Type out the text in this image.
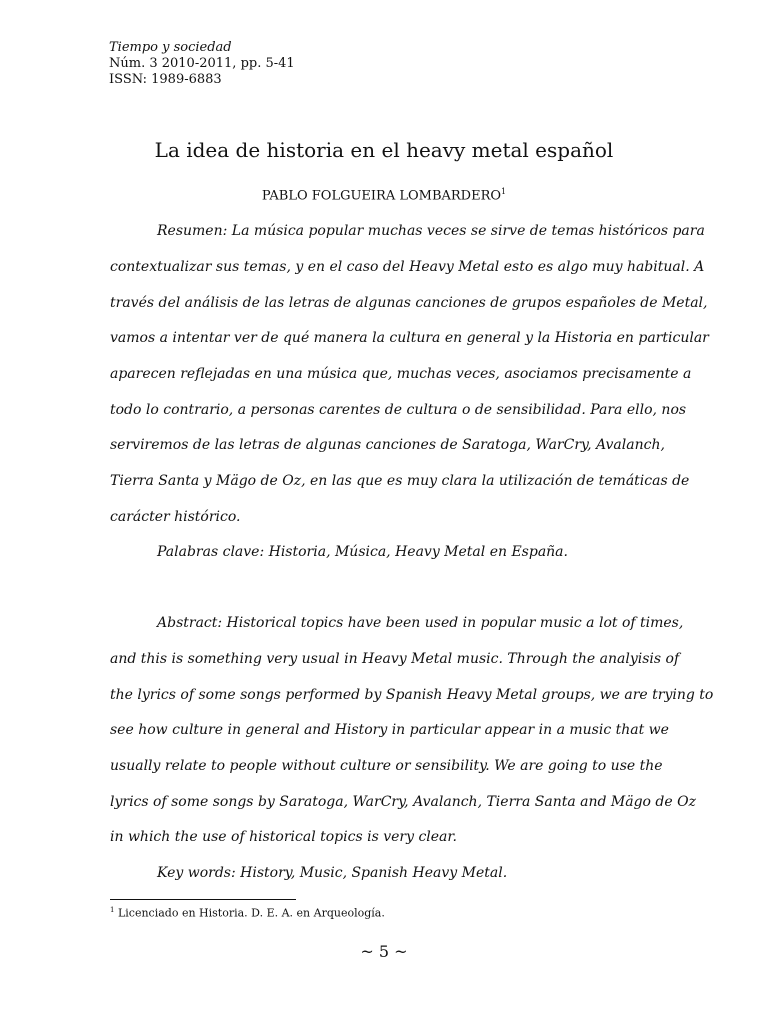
Tiempo y sociedad
Núm. 3 2010-2011, pp. 5-41
ISSN: 1989-6883
La idea de historia en el heavy metal español
PABLO FOLGUEIRA LOMBARDERO$^1$
Resumen: La música popular muchas veces se sirve de temas históricos para
contextualizar sus temas, y en el caso del Heavy Metal esto es algo muy habitual. A
través del análisis de las letras de algunas canciones de grupos españoles de Metal,
vamos a intentar ver de qué manera la cultura en general y la Historia en particular
aparecen reflejadas en una música que, muchas veces, asociamos precisamente a
todo lo contrario, a personas carentes de cultura o de sensibilidad. Para ello, nos
serviremos de las letras de algunas canciones de Saratoga, WarCry, Avalanch,
Tierra Santa y Mägo de Oz, en las que es muy clara la utilización de temáticas de
carácter histórico.
Palabras clave: Historia, Música, Heavy Metal en España.
Abstract: Historical topics have been used in popular music a lot of times,
and this is something very usual in Heavy Metal music. Through the analyisis of
the lyrics of some songs performed by Spanish Heavy Metal groups, we are trying to
see how culture in general and History in particular appear in a music that we
usually relate to people without culture or sensibility. We are going to use the
lyrics of some songs by Saratoga, WarCry, Avalanch, Tierra Santa and Mägo de Oz
in which the use of historical topics is very clear.
Key words: History, Music, Spanish Heavy Metal.
$^1$ Licenciado en Historia. D. E. A. en Arqueología.
~ 5 ~
